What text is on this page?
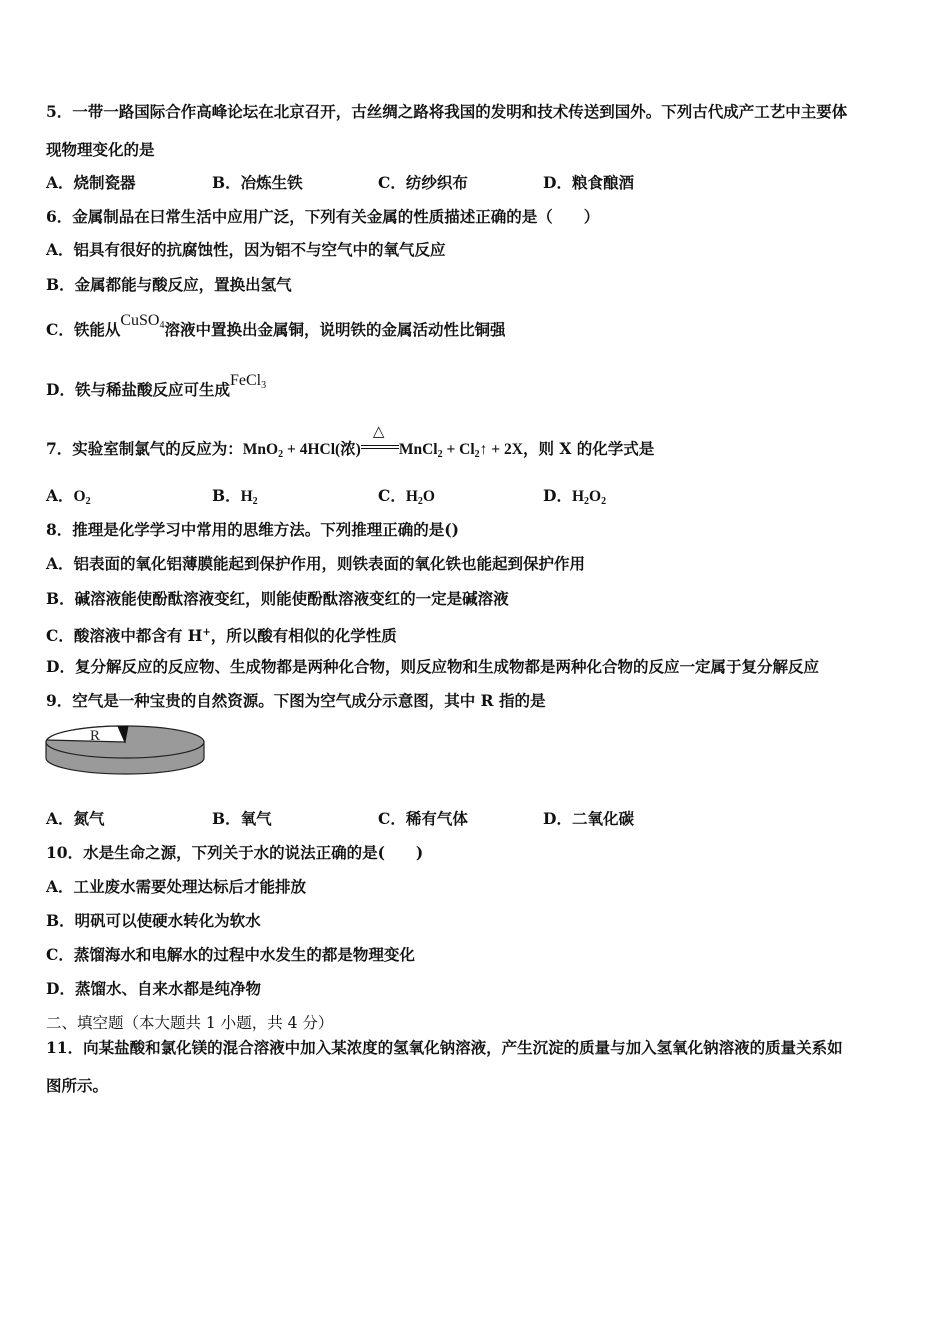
5．一带一路国际合作高峰论坛在北京召开，古丝绸之路将我国的发明和技术传送到国外。下列古代成产工艺中主要体
现物理变化的是
A．烧制瓷器	B．冶炼生铁	C．纺纱织布	D．粮食酿酒
6．金属制品在曰常生活中应用广泛，下列有关金属的性质描述正确的是（　　）
A．铝具有很好的抗腐蚀性，因为铝不与空气中的氧气反应
B．金属都能与酸反应，置换出氢气
C．铁能从CuSO$_4$溶液中置换出金属铜，说明铁的金属活动性比铜强
D．铁与稀盐酸反应可生成FeCl$_3$
7．实验室制氯气的反应为：MnO$_2$ + 4HCl(浓)
△
MnCl$_2$ + $Cl_2↑ + 2X$，则 X 的化学式是
A．$O_2$	B．$H_2$	C．$H_2O$	D．$H_2O_2$
8．推理是化学学习中常用的思维方法。下列推理正确的是()
A．铝表面的氧化铝薄膜能起到保护作用，则铁表面的氧化铁也能起到保护作用
B．碱溶液能使酚酞溶液变红，则能使酚酞溶液变红的一定是碱溶液
C．酸溶液中都含有 H+，所以酸有相似的化学性质
D．复分解反应的反应物、生成物都是两种化合物，则反应物和生成物都是两种化合物的反应一定属于复分解反应
9．空气是一种宝贵的自然资源。下图为空气成分示意图，其中 R 指的是
R
A．氮气	B．氧气	C．稀有气体	D．二氧化碳
10．水是生命之源，下列关于水的说法正确的是(　　)
A．工业废水需要处理达标后才能排放
B．明矾可以使硬水转化为软水
C．蒸馏海水和电解水的过程中水发生的都是物理变化
D．蒸馏水、自来水都是纯净物
二、填空题（本大题共 1 小题，共 4 分）
11．向某盐酸和氯化镁的混合溶液中加入某浓度的氢氧化钠溶液，产生沉淀的质量与加入氢氧化钠溶液的质量关系如
图所示。
